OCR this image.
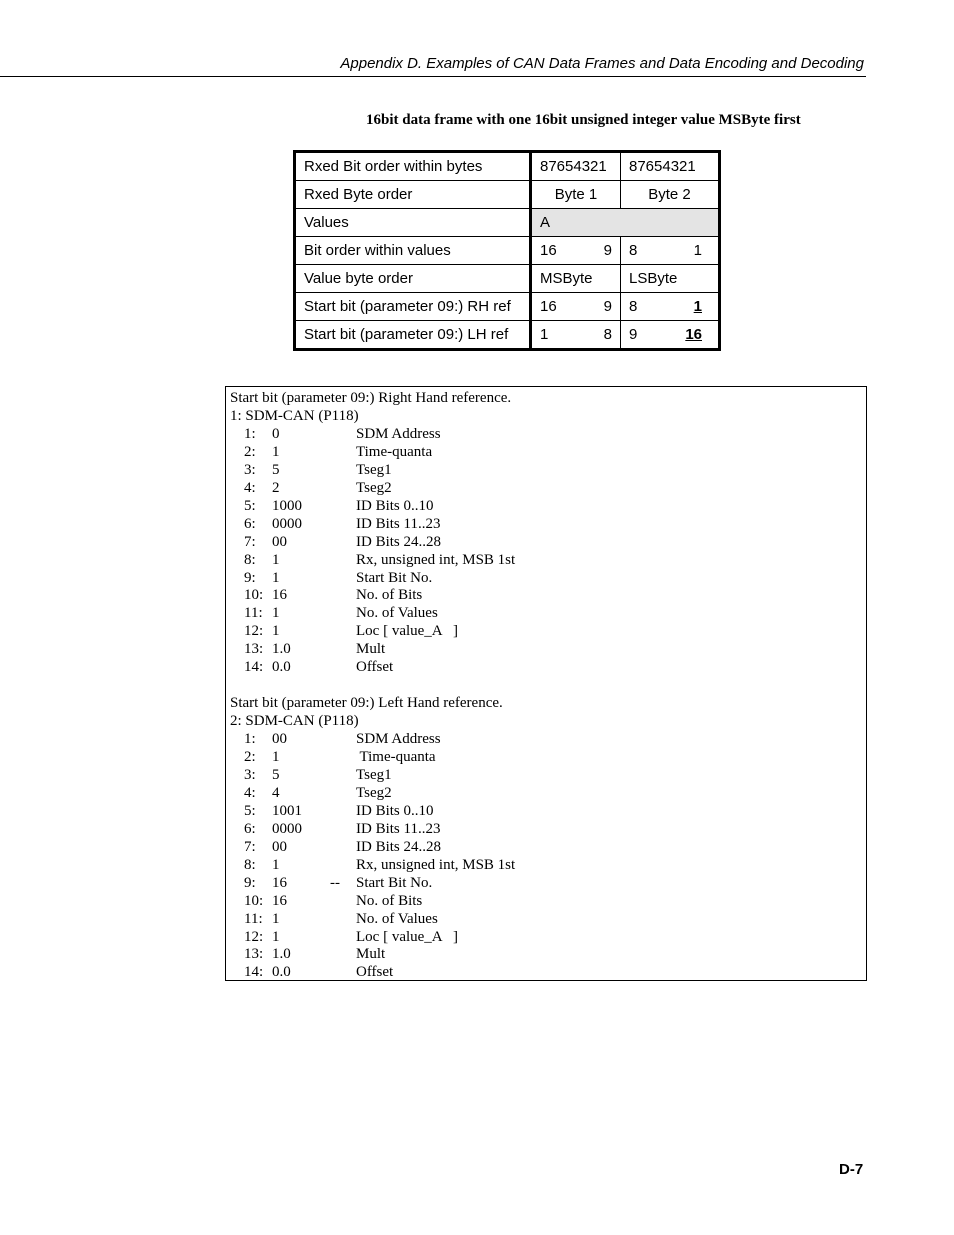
Appendix D. Examples of CAN Data Frames and Data Encoding and Decoding
16bit data frame with one 16bit unsigned integer value MSByte first
Rxed Bit order within bytes	87654321	87654321
Rxed Byte order	Byte 1	Byte 2
Values	A	
Bit order within values	16 9	8 1

Value byte order	MSByte	LSByte
Start bit (parameter 09:) RH ref	16 9	8 1

Start bit (parameter 09:) LH ref	1 8	9 16
Start bit (parameter 09:) Right Hand reference.
1: SDM-CAN (P118)
1:	0	SDM Address
2:	1	Time-quanta
3:	5	Tseg1
4:	2	Tseg2
5:	1000	ID Bits 0..10
6:	0000	ID Bits 11..23
7:	00	ID Bits 24..28
8:	1	Rx, unsigned int, MSB 1st
9:	1	Start Bit No.
10: 16	No. of Bits
11: 1	No. of Values
12: 1	Loc [ value_A   ]
13: 1.0	Mult
14: 0.0	Offset
Start bit (parameter 09:) Left Hand reference.
2: SDM-CAN (P118)
1:	00	SDM Address
2:	1	Time-quanta
3:	5	Tseg1
4:	4	Tseg2
5:	1001	ID Bits 0..10
6:	0000	ID Bits 11..23
7:	00	ID Bits 24..28
8:	1	Rx, unsigned int, MSB 1st
9:	16	-- Start Bit No.
10: 16	No. of Bits
11: 1	No. of Values
12: 1	Loc [ value_A   ]
13: 1.0	Mult
14: 0.0	Offset
D-7
